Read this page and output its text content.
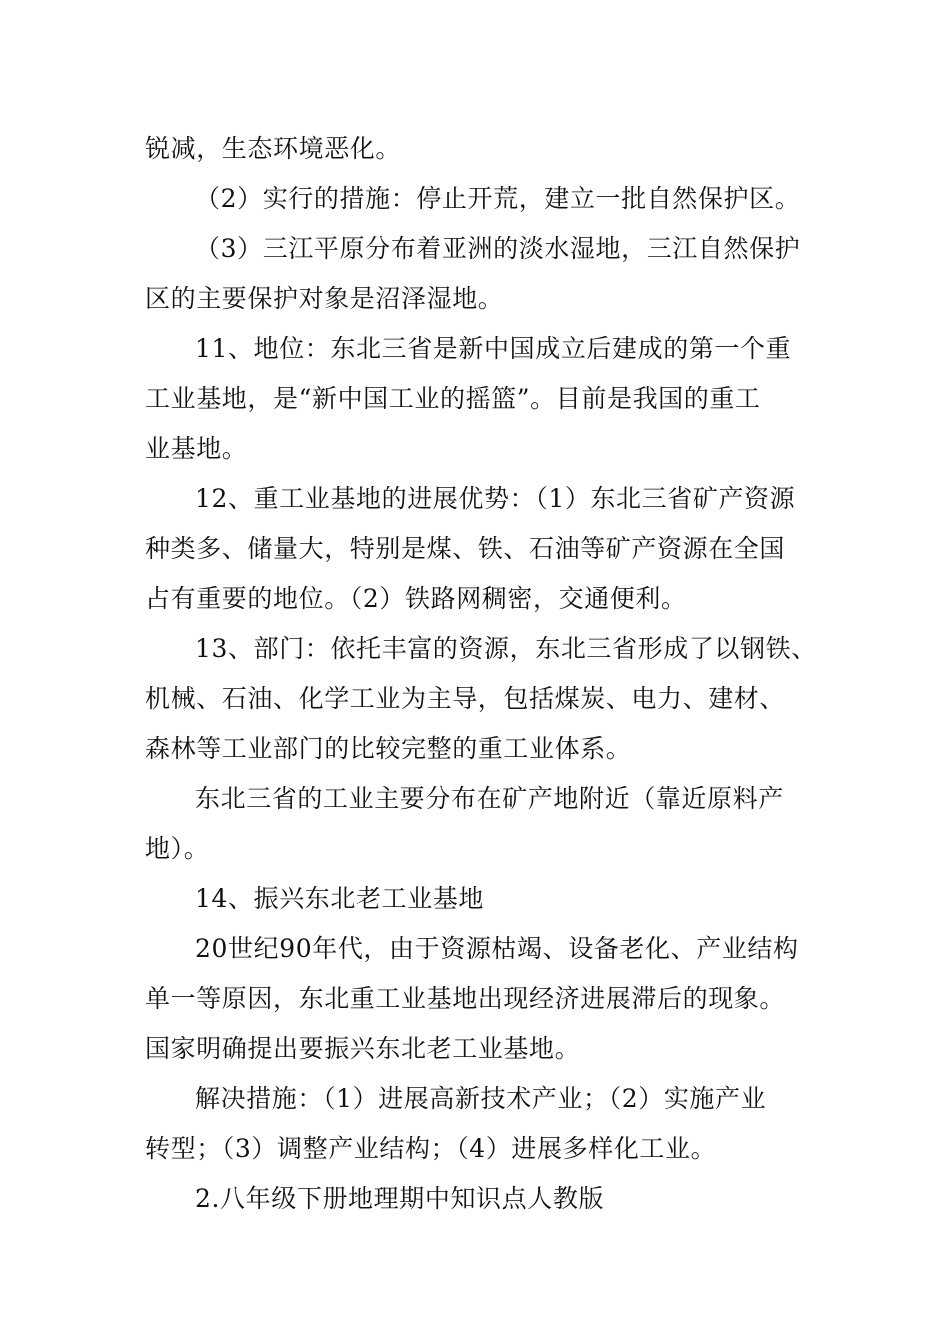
锐减，生态环境恶化。
（2）实行的措施：停止开荒，建立一批自然保护区。
（3）三江平原分布着亚洲的淡水湿地，三江自然保护
区的主要保护对象是沼泽湿地。
11、地位：东北三省是新中国成立后建成的第一个重
工业基地，是“新中国工业的摇篮”。目前是我国的重工
业基地。
12、重工业基地的进展优势：（1）东北三省矿产资源
种类多、储量大，特别是煤、铁、石油等矿产资源在全国
占有重要的地位。（2）铁路网稠密，交通便利。
13、部门：依托丰富的资源，东北三省形成了以钢铁、
机械、石油、化学工业为主导，包括煤炭、电力、建材、
森林等工业部门的比较完整的重工业体系。
东北三省的工业主要分布在矿产地附近（靠近原料产
地）。
14、振兴东北老工业基地
20世纪90年代，由于资源枯竭、设备老化、产业结构
单一等原因，东北重工业基地出现经济进展滞后的现象。
国家明确提出要振兴东北老工业基地。
解决措施：（1）进展高新技术产业；（2）实施产业
转型；（3）调整产业结构；（4）进展多样化工业。
2.八年级下册地理期中知识点人教版
